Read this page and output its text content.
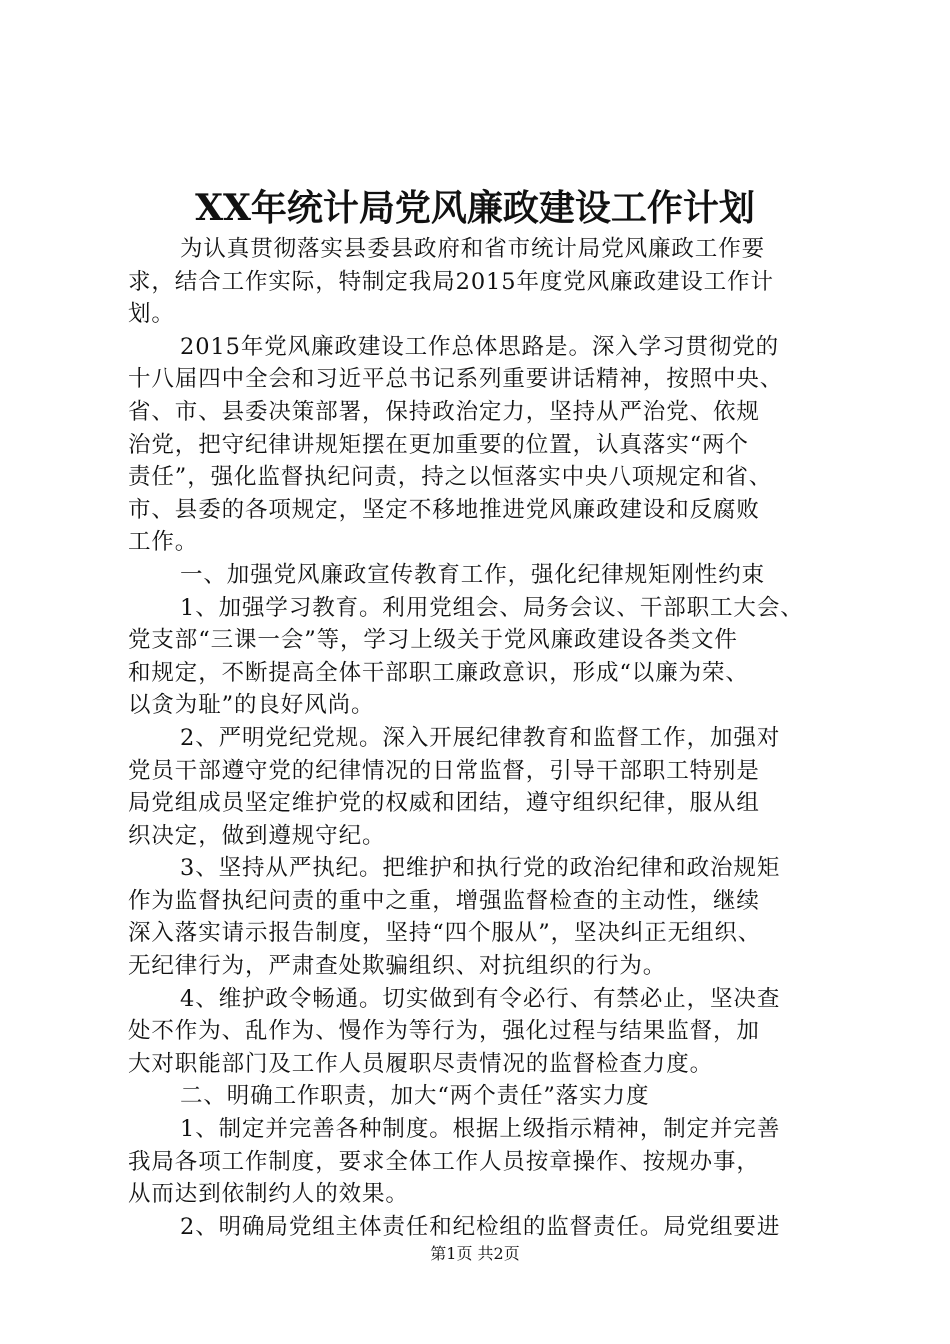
XX年统计局党风廉政建设工作计划
为认真贯彻落实县委县政府和省市统计局党风廉政工作要
求，结合工作实际，特制定我局2015年度党风廉政建设工作计
划。
2015年党风廉政建设工作总体思路是。深入学习贯彻党的
十八届四中全会和习近平总书记系列重要讲话精神，按照中央、
省、市、县委决策部署，保持政治定力，坚持从严治党、依规
治党，把守纪律讲规矩摆在更加重要的位置，认真落实“两个
责任”，强化监督执纪问责，持之以恒落实中央八项规定和省、
市、县委的各项规定，坚定不移地推进党风廉政建设和反腐败
工作。
一、加强党风廉政宣传教育工作，强化纪律规矩刚性约束
1、加强学习教育。利用党组会、局务会议、干部职工大会、
党支部“三课一会”等，学习上级关于党风廉政建设各类文件
和规定，不断提高全体干部职工廉政意识，形成“以廉为荣、
以贪为耻”的良好风尚。
2、严明党纪党规。深入开展纪律教育和监督工作，加强对
党员干部遵守党的纪律情况的日常监督，引导干部职工特别是
局党组成员坚定维护党的权威和团结，遵守组织纪律，服从组
织决定，做到遵规守纪。
3、坚持从严执纪。把维护和执行党的政治纪律和政治规矩
作为监督执纪问责的重中之重，增强监督检查的主动性，继续
深入落实请示报告制度，坚持“四个服从”，坚决纠正无组织、
无纪律行为，严肃查处欺骗组织、对抗组织的行为。
4、维护政令畅通。切实做到有令必行、有禁必止，坚决查
处不作为、乱作为、慢作为等行为，强化过程与结果监督，加
大对职能部门及工作人员履职尽责情况的监督检查力度。
二、明确工作职责，加大“两个责任”落实力度
1、制定并完善各种制度。根据上级指示精神，制定并完善
我局各项工作制度，要求全体工作人员按章操作、按规办事，
从而达到依制约人的效果。
2、明确局党组主体责任和纪检组的监督责任。局党组要进
第1页 共2页
